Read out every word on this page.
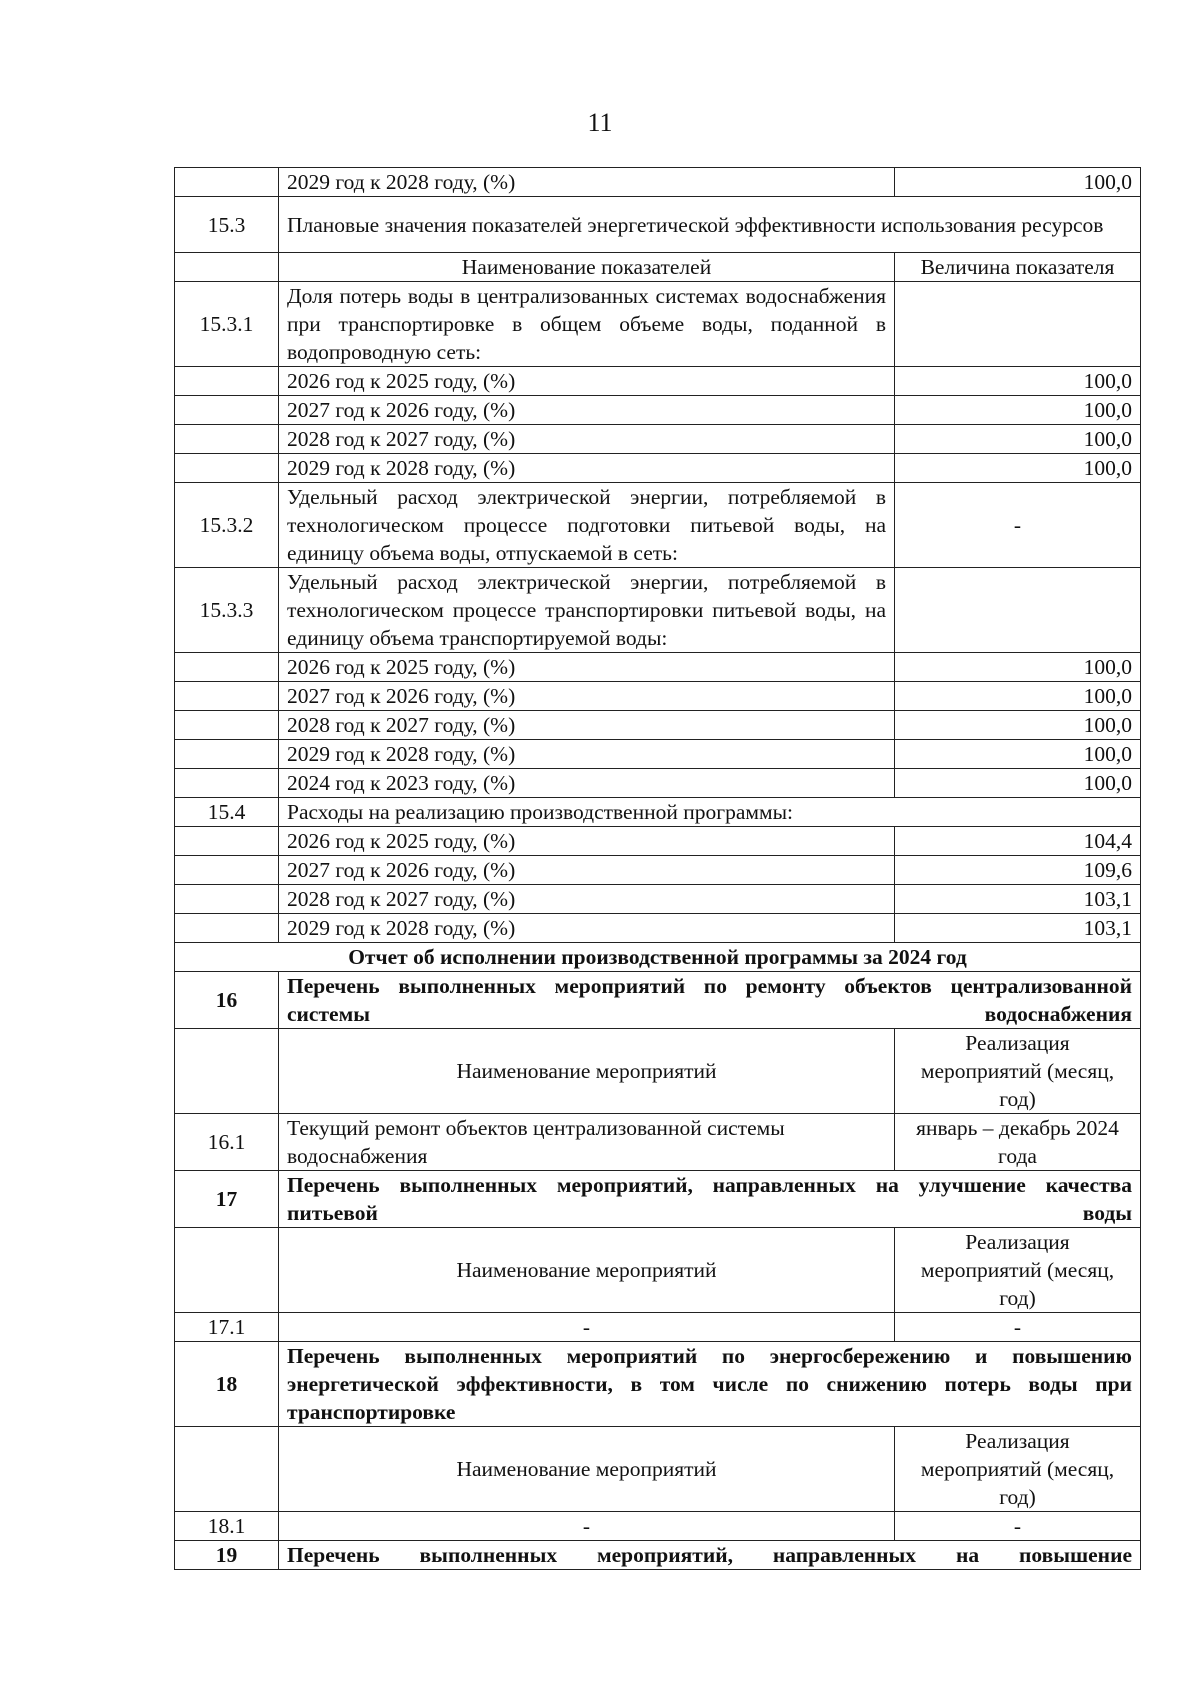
11
	2029 год к 2028 году, (%)	100,0
15.3	Плановые значения показателей энергетической эффективности использования ресурсов	
	Наименование показателей	Величина показателя
15.3.1	Доля потерь воды в централизованных системах водоснабжения при транспортировке в общем объеме воды, поданной в водопроводную сеть:	
	2026 год к 2025 году, (%)	100,0
	2027 год к 2026 году, (%)	100,0
	2028 год к 2027 году, (%)	100,0
	2029 год к 2028 году, (%)	100,0
15.3.2	Удельный расход электрической энергии, потребляемой в технологическом процессе подготовки питьевой воды, на единицу объема воды, отпускаемой в сеть:	-
15.3.3	Удельный расход электрической энергии, потребляемой в технологическом процессе транспортировки питьевой воды, на единицу объема транспортируемой воды:	
	2026 год к 2025 году, (%)	100,0
	2027 год к 2026 году, (%)	100,0
	2028 год к 2027 году, (%)	100,0
	2029 год к 2028 году, (%)	100,0
	2024 год к 2023 году, (%)	100,0
15.4	Расходы на реализацию производственной программы:	
	2026 год к 2025 году, (%)	104,4
	2027 год к 2026 году, (%)	109,6
	2028 год к 2027 году, (%)	103,1
	2029 год к 2028 году, (%)	103,1
Отчет об исполнении производственной программы за 2024 год		
16	Перечень выполненных мероприятий по ремонту объектов централизованной системы водоснабжения	
	Наименование мероприятий	Реализация мероприятий (месяц, год)
16.1	Текущий ремонт объектов централизованной системы водоснабжения	январь – декабрь 2024 года
17	Перечень выполненных мероприятий, направленных на улучшение качества питьевой воды	
	Наименование мероприятий	Реализация мероприятий (месяц, год)
17.1	-	-
18	Перечень выполненных мероприятий по энергосбережению и повышению энергетической эффективности, в том числе по снижению потерь воды при транспортировке	
	Наименование мероприятий	Реализация мероприятий (месяц, год)
18.1	-	-
19	Перечень выполненных мероприятий, направленных на повышение	
